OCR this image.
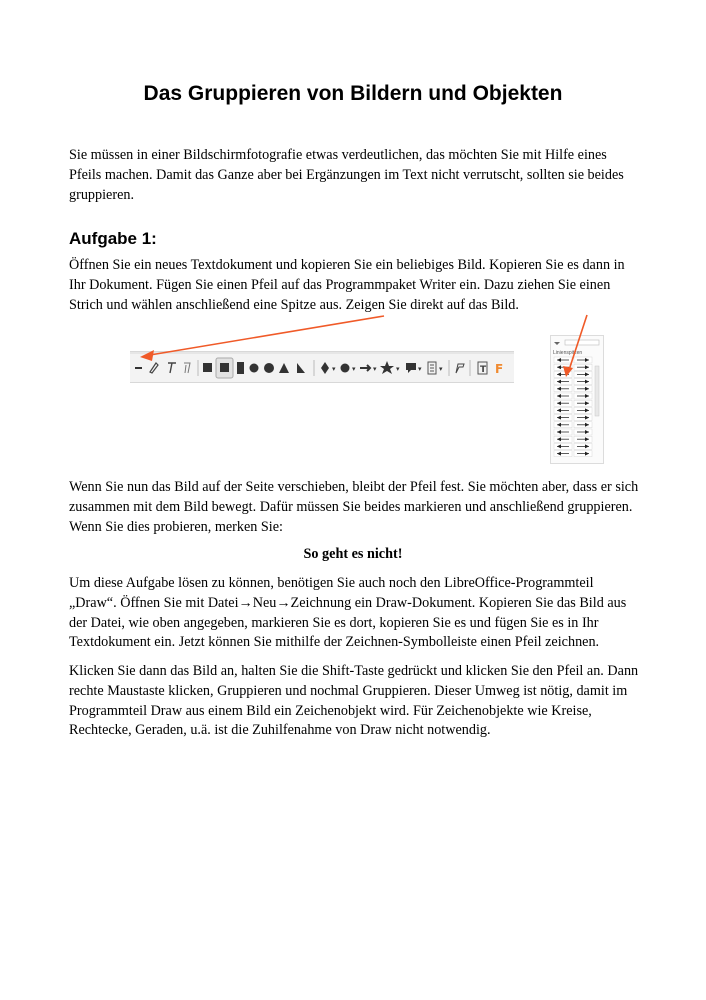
Das Gruppieren von Bildern und Objekten
Sie müssen in einer Bildschirmfotografie etwas verdeutlichen, das möchten Sie mit Hilfe eines Pfeils machen. Damit das Ganze aber bei Ergänzungen im Text nicht verrutscht, sollten sie beides gruppieren.
Aufgabe 1:
Öffnen Sie ein neues Textdokument und kopieren Sie ein beliebiges Bild. Kopieren Sie es dann in Ihr Dokument. Fügen Sie einen Pfeil auf das Programmpaket Writer ein. Dazu ziehen Sie einen Strich und wählen anschließend eine Spitze aus. Zeigen Sie direkt auf das Bild.
▾ ▾ ▾	▾	▾ ▾	T F
Linienspitzen
Wenn Sie nun das Bild auf der Seite verschieben, bleibt der Pfeil fest. Sie möchten aber, dass er sich zusammen mit dem Bild bewegt. Dafür müssen Sie beides markieren und anschließend gruppieren. Wenn Sie dies probieren, merken Sie:
So geht es nicht!
Um diese Aufgabe lösen zu können, benötigen Sie auch noch den LibreOffice-Programmteil „Draw“. Öffnen Sie mit Datei→Neu→Zeichnung ein Draw-Dokument. Kopieren Sie das Bild aus der Datei, wie oben angegeben, markieren Sie es dort, kopieren Sie es und fügen Sie es in Ihr Textdokument ein. Jetzt können Sie mithilfe der Zeichnen-Symbolleiste einen Pfeil zeichnen.
Klicken Sie dann das Bild an, halten Sie die Shift-Taste gedrückt und klicken Sie den Pfeil an. Dann rechte Maustaste klicken, Gruppieren und nochmal Gruppieren. Dieser Umweg ist nötig, damit im Programmteil Draw aus einem Bild ein Zeichenobjekt wird. Für Zeichenobjekte wie Kreise, Rechtecke, Geraden, u.ä. ist die Zuhilfenahme von Draw nicht notwendig.
